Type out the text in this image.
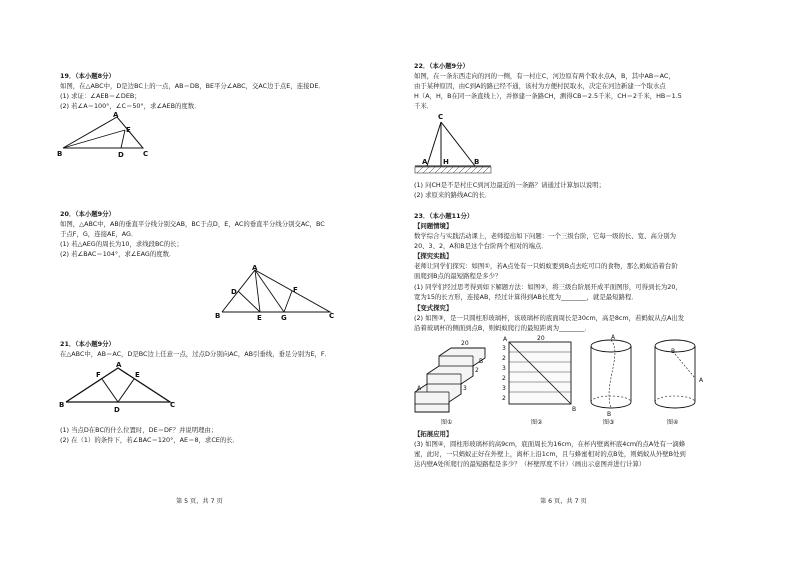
19．（本小题8分）
如图，在△ABC中，D是边BC上的一点，AB＝DB，BE平分∠ABC，交AC边于点E，连接DE．
(1) 求证：∠AEB＝∠DEB；
(2) 若∠A＝100°，∠C＝50°，求∠AEB的度数．
A
E
B	D	C
20．（本小题9分）
如图，△ABC中，AB的垂直平分线分别交AB，BC于点D，E，AC的垂直平分线分别交AC，BC
于点F，G，连接AE，AG．
(1) 若△AEG的周长为10，求线段BC的长；
(2) 若∠BAC＝104°，求∠EAG的度数．
A
D	F
B	E	G	C
21．（本小题9分）
在△ABC中，AB＝AC，D是BC边上任意一点，过点D分别向AC，AB引垂线，垂足分别为E，F．
A
F	E
B
D
C
(1) 当点D在BC的什么位置时，DE＝DF？并说明理由；
(2) 在（1）的条件下，若∠BAC＝120°，AE＝8，求CE的长．
第 5 页，共 7 页
22．（本小题9分）
如图，在一条东西走向的河的一侧，有一村庄C，河边原有两个取水点A，B，其中AB＝AC，
由于某种原因，由C到A的路已经不通，该村为方便村民取水，决定在河边新建一个取水点
H（A，H，B在同一条直线上），并修建一条路CH，测得CB＝2.5千米，CH＝2千米，HB＝1.5
千米．
C
A H	B
(1) 问CH是不是村庄C到河边最近的一条路？请通过计算加以说明；
(2) 求原来的路线AC的长．
23．（本小题11分）
【问题情境】
数学综合与实践活动课上，老师提出如下问题：一个三级台阶，它每一级的长、宽、高分别为
20、3、2，A和B是这个台阶两个相对的端点．
【探究实践】
老师让同学们探究：如图①，若A点处有一只蚂蚁要到B点去吃可口的食物，那么蚂蚁沿着台阶
面爬到B点的最短路程是多少？
(1) 同学们经过思考得到如下解题方法：如图②，将三级台阶展开成平面图形，可得到长为20，
宽为15的长方形，连接AB，经过计算得到AB长度为________，就是最短路程．
【变式探究】
(2) 如图③，是一只圆柱形玻璃杯，该玻璃杯的底面周长是30cm，高是8cm，若蚂蚁从点A出发
沿着玻璃杯的侧面到点B，则蚂蚁爬行的最短距离为________．
A
B
20
2
3
图①
A
B
20
3
2
3
2
3
2
图②
A
B
图③
B
A
图④
【拓展应用】
(3) 如图④，圆柱形玻璃杯的高9cm，底面周长为16cm，在杯内壁离杯底4cm的点A处有一滴蜂
蜜，此时，一只蚂蚁正好在外壁上，离杯上沿1cm，且与蜂蜜相对的点B处，则蚂蚁从外壁B处到
达内壁A处所爬行的最短路程是多少？（杯壁厚度不计）（画出示意图并进行计算）
第 6 页，共 7 页
